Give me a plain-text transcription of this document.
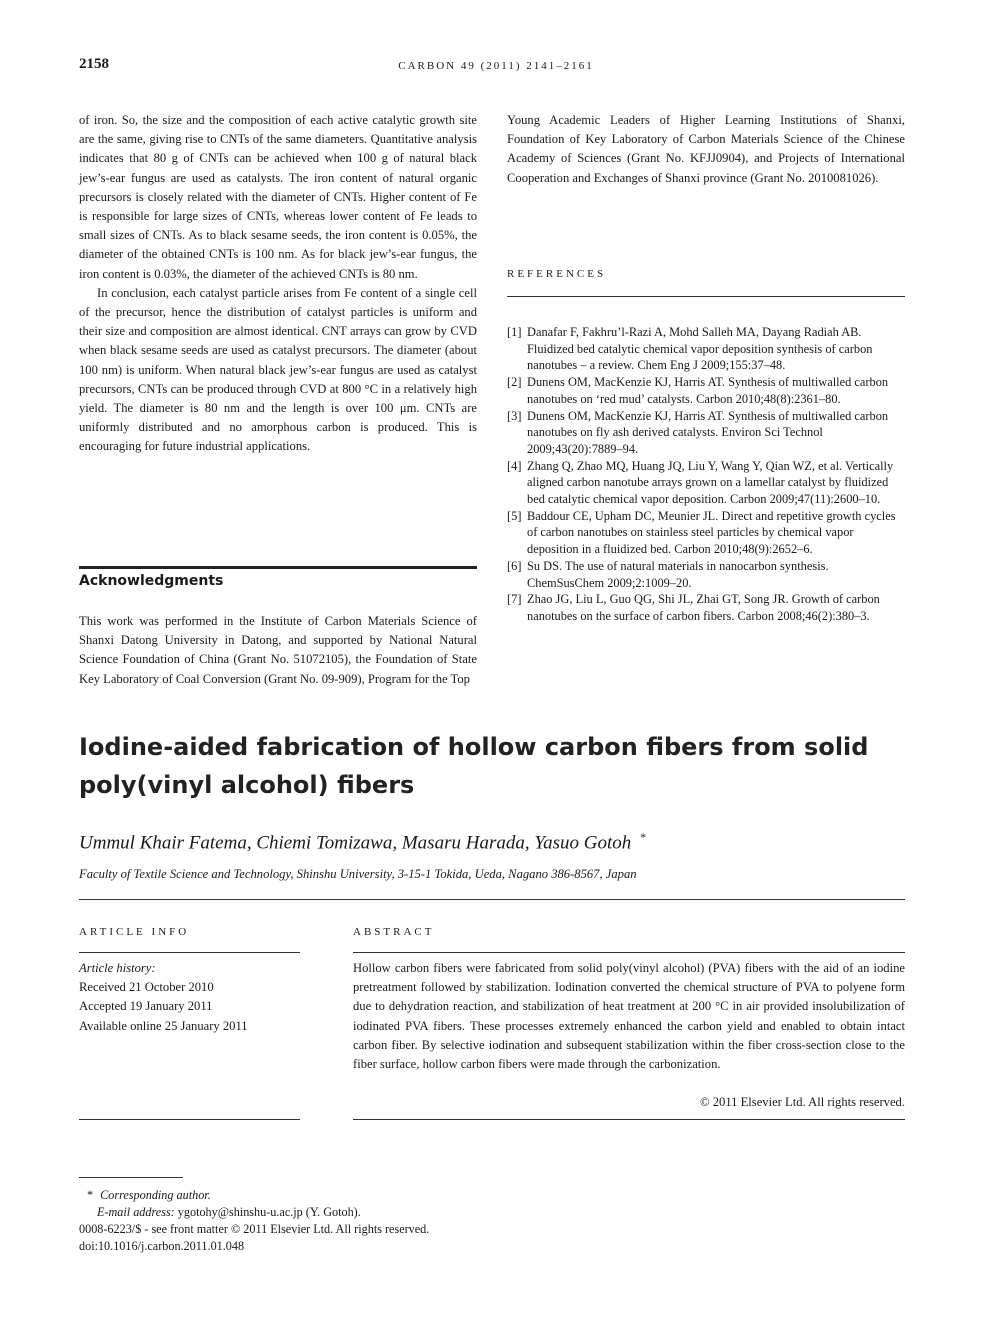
2158	CARBON 49 (2011) 2141–2161

of iron. So, the size and the composition of each active catalytic growth site are the same, giving rise to CNTs of the same diameters. Quantitative analysis indicates that 80 g of CNTs can be achieved when 100 g of natural black jew’s-ear fungus are used as catalysts. The iron content of natural organic precursors is closely related with the diameter of CNTs. Higher content of Fe is responsible for large sizes of CNTs, whereas lower content of Fe leads to small sizes of CNTs. As to black sesame seeds, the iron content is 0.05%, the diameter of the obtained CNTs is 100 nm. As for black jew’s-ear fungus, the iron content is 0.03%, the diameter of the achieved CNTs is 80 nm.

In conclusion, each catalyst particle arises from Fe content of a single cell of the precursor, hence the distribution of catalyst particles is uniform and their size and composition are almost identical. CNT arrays can grow by CVD when black sesame seeds are used as catalyst precursors. The diameter (about 100 nm) is uniform. When natural black jew’s-ear fungus are used as catalyst precursors, CNTs can be produced through CVD at 800 °C in a relatively high yield. The diameter is 80 nm and the length is over 100 μm. CNTs are uniformly distributed and no amorphous carbon is produced. This is encouraging for future industrial applications.

Acknowledgments
This work was performed in the Institute of Carbon Materials Science of Shanxi Datong University in Datong, and supported by National Natural Science Foundation of China (Grant No. 51072105), the Foundation of State Key Laboratory of Coal Conversion (Grant No. 09-909), Program for the Top
Young Academic Leaders of Higher Learning Institutions of Shanxi, Foundation of Key Laboratory of Carbon Materials Science of the Chinese Academy of Sciences (Grant No. KFJJ0904), and Projects of International Cooperation and Exchanges of Shanxi province (Grant No. 2010081026).
REFERENCES
[1] Danafar F, Fakhru’l-Razi A, Mohd Salleh MA, Dayang Radiah AB. Fluidized bed catalytic chemical vapor deposition synthesis of carbon nanotubes – a review. Chem Eng J 2009;155:37–48.
[2] Dunens OM, MacKenzie KJ, Harris AT. Synthesis of multiwalled carbon nanotubes on ‘red mud’ catalysts. Carbon 2010;48(8):2361–80.
[3] Dunens OM, MacKenzie KJ, Harris AT. Synthesis of multiwalled carbon nanotubes on fly ash derived catalysts. Environ Sci Technol 2009;43(20):7889–94.
[4] Zhang Q, Zhao MQ, Huang JQ, Liu Y, Wang Y, Qian WZ, et al. Vertically aligned carbon nanotube arrays grown on a lamellar catalyst by fluidized bed catalytic chemical vapor deposition. Carbon 2009;47(11):2600–10.
[5] Baddour CE, Upham DC, Meunier JL. Direct and repetitive growth cycles of carbon nanotubes on stainless steel particles by chemical vapor deposition in a fluidized bed. Carbon 2010;48(9):2652–6.
[6] Su DS. The use of natural materials in nanocarbon synthesis. ChemSusChem 2009;2:1009–20.
[7] Zhao JG, Liu L, Guo QG, Shi JL, Zhai GT, Song JR. Growth of carbon nanotubes on the surface of carbon fibers. Carbon 2008;46(2):380–3.
Iodine-aided fabrication of hollow carbon fibers from solid
poly(vinyl alcohol) fibers
Ummul Khair Fatema, Chiemi Tomizawa, Masaru Harada, Yasuo Gotoh *
Faculty of Textile Science and Technology, Shinshu University, 3-15-1 Tokida, Ueda, Nagano 386-8567, Japan
ARTICLE INFO
Article history:
Received 21 October 2010
Accepted 19 January 2011
Available online 25 January 2011
ABSTRACT
Hollow carbon fibers were fabricated from solid poly(vinyl alcohol) (PVA) fibers with the aid of an iodine pretreatment followed by stabilization. Iodination converted the chemical structure of PVA to polyene form due to dehydration reaction, and stabilization of heat treatment at 200 °C in air provided insolubilization of iodinated PVA fibers. These processes extremely enhanced the carbon yield and enabled to obtain intact carbon fiber. By selective iodination and subsequent stabilization within the fiber cross-section close to the fiber surface, hollow carbon fibers were made through the carbonization.
© 2011 Elsevier Ltd. All rights reserved.
* Corresponding author.
E-mail address: ygotohy@shinshu-u.ac.jp (Y. Gotoh).
0008-6223/$ - see front matter © 2011 Elsevier Ltd. All rights reserved.
doi:10.1016/j.carbon.2011.01.048
